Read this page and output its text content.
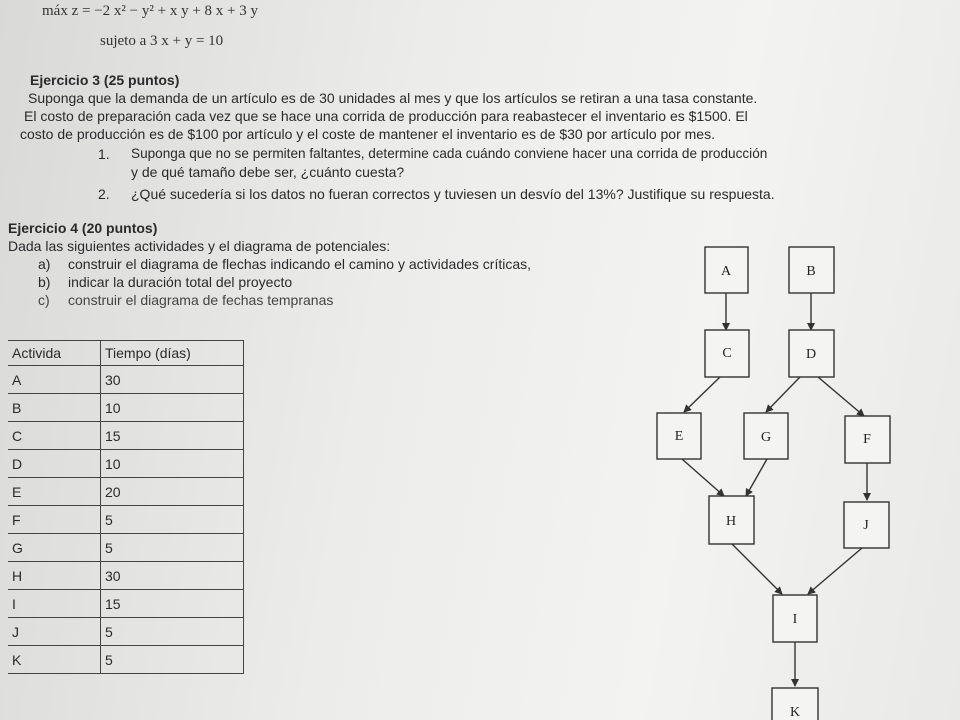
máx z = −2 x² − y² + x y + 8 x + 3 y
sujeto a 3 x + y = 10
Ejercicio 3 (25 puntos)
Suponga que la demanda de un artículo es de 30 unidades al mes y que los artículos se retiran a una tasa constante.
El costo de preparación cada vez que se hace una corrida de producción para reabastecer el inventario es $1500. El
costo de producción es de $100 por artículo y el coste de mantener el inventario es de $30 por artículo por mes.
1. Suponga que no se permiten faltantes, determine cada cuándo conviene hacer una corrida de producción
y de qué tamaño debe ser, ¿cuánto cuesta?
2. ¿Qué sucedería si los datos no fueran correctos y tuviesen un desvío del 13%? Justifique su respuesta.
Ejercicio 4 (20 puntos)
Dada las siguientes actividades y el diagrama de potenciales:
a) construir el diagrama de flechas indicando el camino y actividades críticas,
b) indicar la duración total del proyecto
c) construir el diagrama de fechas tempranas
Activida	Tiempo (días)
A	30
B	10
C	15
D	10
E	20
F	5
G	5
H	30
I	15
J	5
K	5
A	B
C	D
E	G	F
H	J
I
K
